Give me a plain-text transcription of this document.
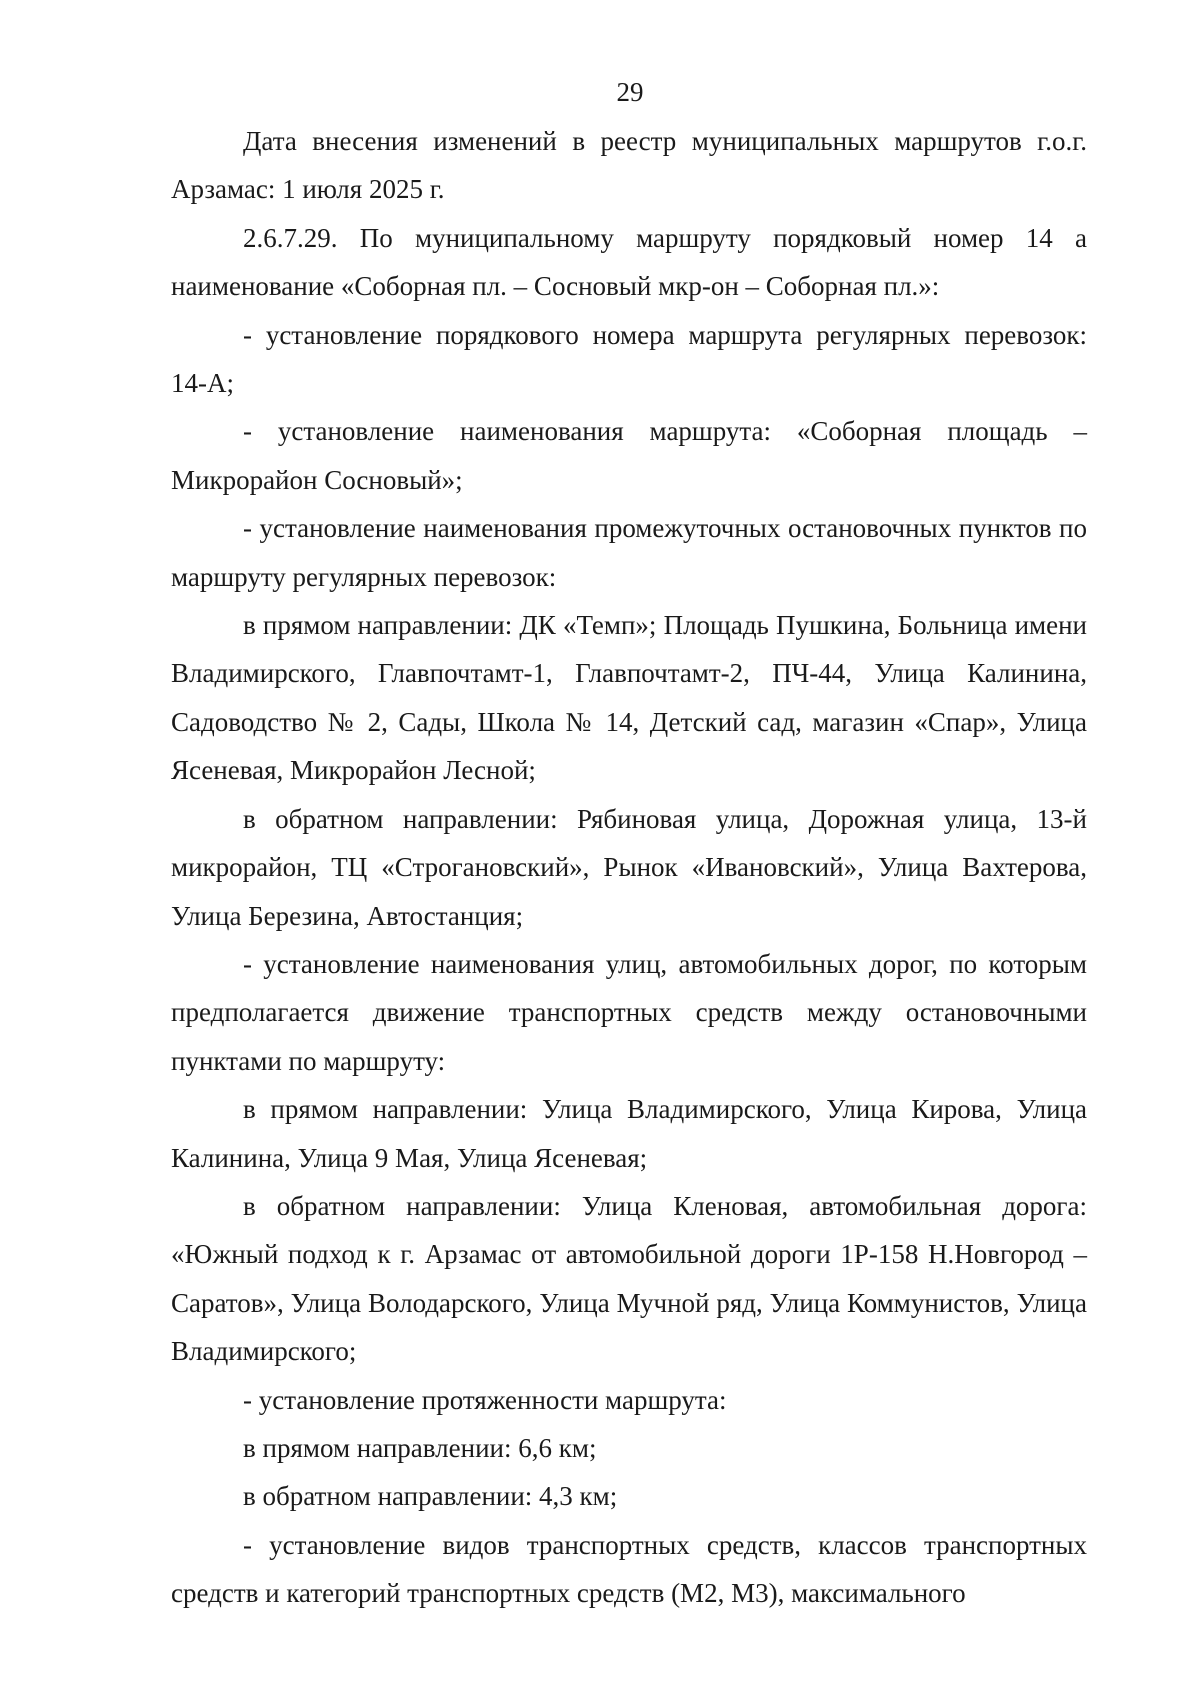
29

Дата внесения изменений в реестр муниципальных маршрутов г.о.г. Арзамас: 1 июля 2025 г.

2.6.7.29. По муниципальному маршруту порядковый номер 14 а наименование «Соборная пл. – Сосновый мкр-он – Соборная пл.»:

- установление порядкового номера маршрута регулярных перевозок: 14-А;

- установление наименования маршрута: «Соборная площадь – Микрорайон Сосновый»;

- установление наименования промежуточных остановочных пунктов по маршруту регулярных перевозок:

в прямом направлении: ДК «Темп»; Площадь Пушкина, Больница имени Владимирского, Главпочтамт-1, Главпочтамт-2, ПЧ-44, Улица Калинина, Садоводство № 2, Сады, Школа № 14, Детский сад, магазин «Спар», Улица Ясеневая, Микрорайон Лесной;

в обратном направлении: Рябиновая улица, Дорожная улица, 13-й микрорайон, ТЦ «Строгановский», Рынок «Ивановский», Улица Вахтерова, Улица Березина, Автостанция;

- установление наименования улиц, автомобильных дорог, по которым предполагается движение транспортных средств между остановочными пунктами по маршруту:

в прямом направлении: Улица Владимирского, Улица Кирова, Улица Калинина, Улица 9 Мая, Улица Ясеневая;

в обратном направлении: Улица Кленовая, автомобильная дорога: «Южный подход к г. Арзамас от автомобильной дороги 1Р-158 Н.Новгород – Саратов», Улица Володарского, Улица Мучной ряд, Улица Коммунистов, Улица Владимирского;

- установление протяженности маршрута:

в прямом направлении: 6,6 км;

в обратном направлении: 4,3 км;

- установление видов транспортных средств, классов транспортных средств и категорий транспортных средств (М2, М3), максимального
